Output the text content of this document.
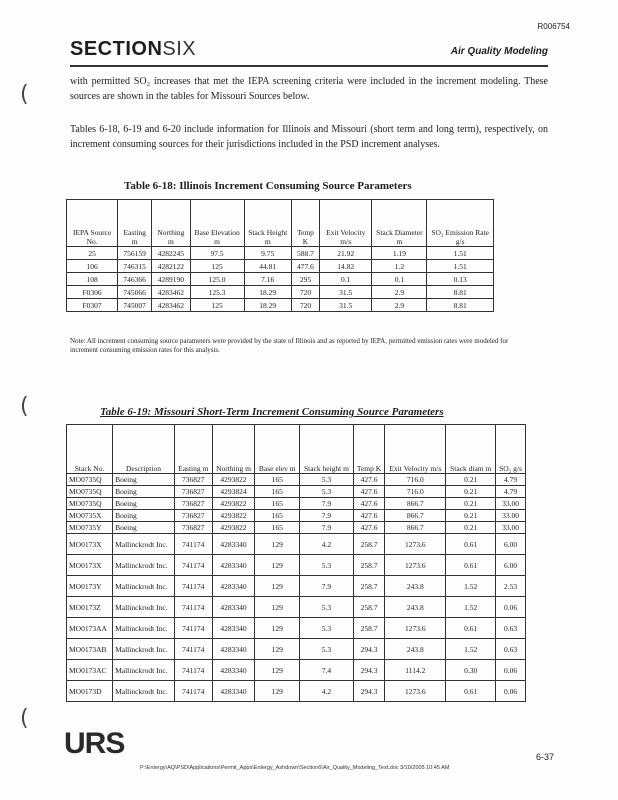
R006754
SECTIONSIX	Air Quality Modeling
(
(
(
with permitted SO₂ increases that met the IEPA screening criteria were included in the increment modeling. These sources are shown in the tables for Missouri Sources below.
Tables 6-18, 6-19 and 6-20 include information for Illinois and Missouri (short term and long term), respectively, on increment consuming sources for their jurisdictions included in the PSD increment analyses.
Table 6-18: Illinois Increment Consuming Source Parameters
IEPA Source No.	Easting m	Northing m	Base Elevation m	Stack Height m	Temp K	Exit Velocity m/s	Stack Diameter m	SO₂ Emission Rate g/s
25	756159	4282245	97.5	9.75	588.7	21.92	1.19	1.51
106	746315	4282122	125	44.81	477.6	14.82	1.2	1.51
108	746366	4289190	125.0	7.16	295	0.1	0.1	0.13
F0306	745066	4283462	125.3	18.29	720	31.5	2.9	8.81
F0307	745007	4283462	125	18.29	720	31.5	2.9	8.81
Note: All increment consuming source parameters were provided by the state of Illinois and as reported by IEPA, permitted emission rates were modeled for increment consuming emission rates for this analysis.
Table 6-19: Missouri Short-Term Increment Consuming Source Parameters
Stack No.	Description	Easting m	Northing m	Base elev m	Stack height m	Temp K	Exit Velocity m/s	Stack diam m	SO₂ g/s
MO0735Q	Boeing	736827	4293822	165	5.3	427.6	716.0	0.21	4.79
MO0735Q	Boeing	736827	4293824	165	5.3	427.6	716.0	0.21	4.79
MO0735Q	Boeing	736827	4293822	165	7.9	427.6	866.7	0.21	33.00
MO0735X	Boeing	736827	4293822	165	7.9	427.6	866.7	0.21	33.00
MO0735Y	Boeing	736827	4293822	165	7.9	427.6	866.7	0.21	33.00
MO0173X	Mallinckrodt Inc.	741174	4283340	129	4.2	258.7	1273.6	0.61	6.00
MO0173X	Mallinckrodt Inc.	741174	4283340	129	5.3	258.7	1273.6	0.61	6.00
MO0173Y	Mallinckrodt Inc.	741174	4283340	129	7.9	258.7	243.8	1.52	2.53
MO0173Z	Mallinckrodt Inc.	741174	4283340	129	5.3	258.7	243.8	1.52	0.06
MO0173AA	Mallinckrodt Inc.	741174	4283340	129	5.3	258.7	1273.6	0.61	0.63
MO0173AB	Mallinckrodt Inc.	741174	4283340	129	5.3	294.3	243.8	1.52	0.63
MO0173AC	Mallinckrodt Inc.	741174	4283340	129	7.4	294.3	1114.2	0.30	0.06
MO0173D	Mallinckrodt Inc.	741174	4283340	129	4.2	294.3	1273.6	0.61	0.06
URS	6-37
P:\Entergy\AQ\PSD\Applications\Permit_Apps\Entergy_Ashdown\Section6\Air_Quality_Modeling_Text.doc 3/10/2005 10:45 AM
